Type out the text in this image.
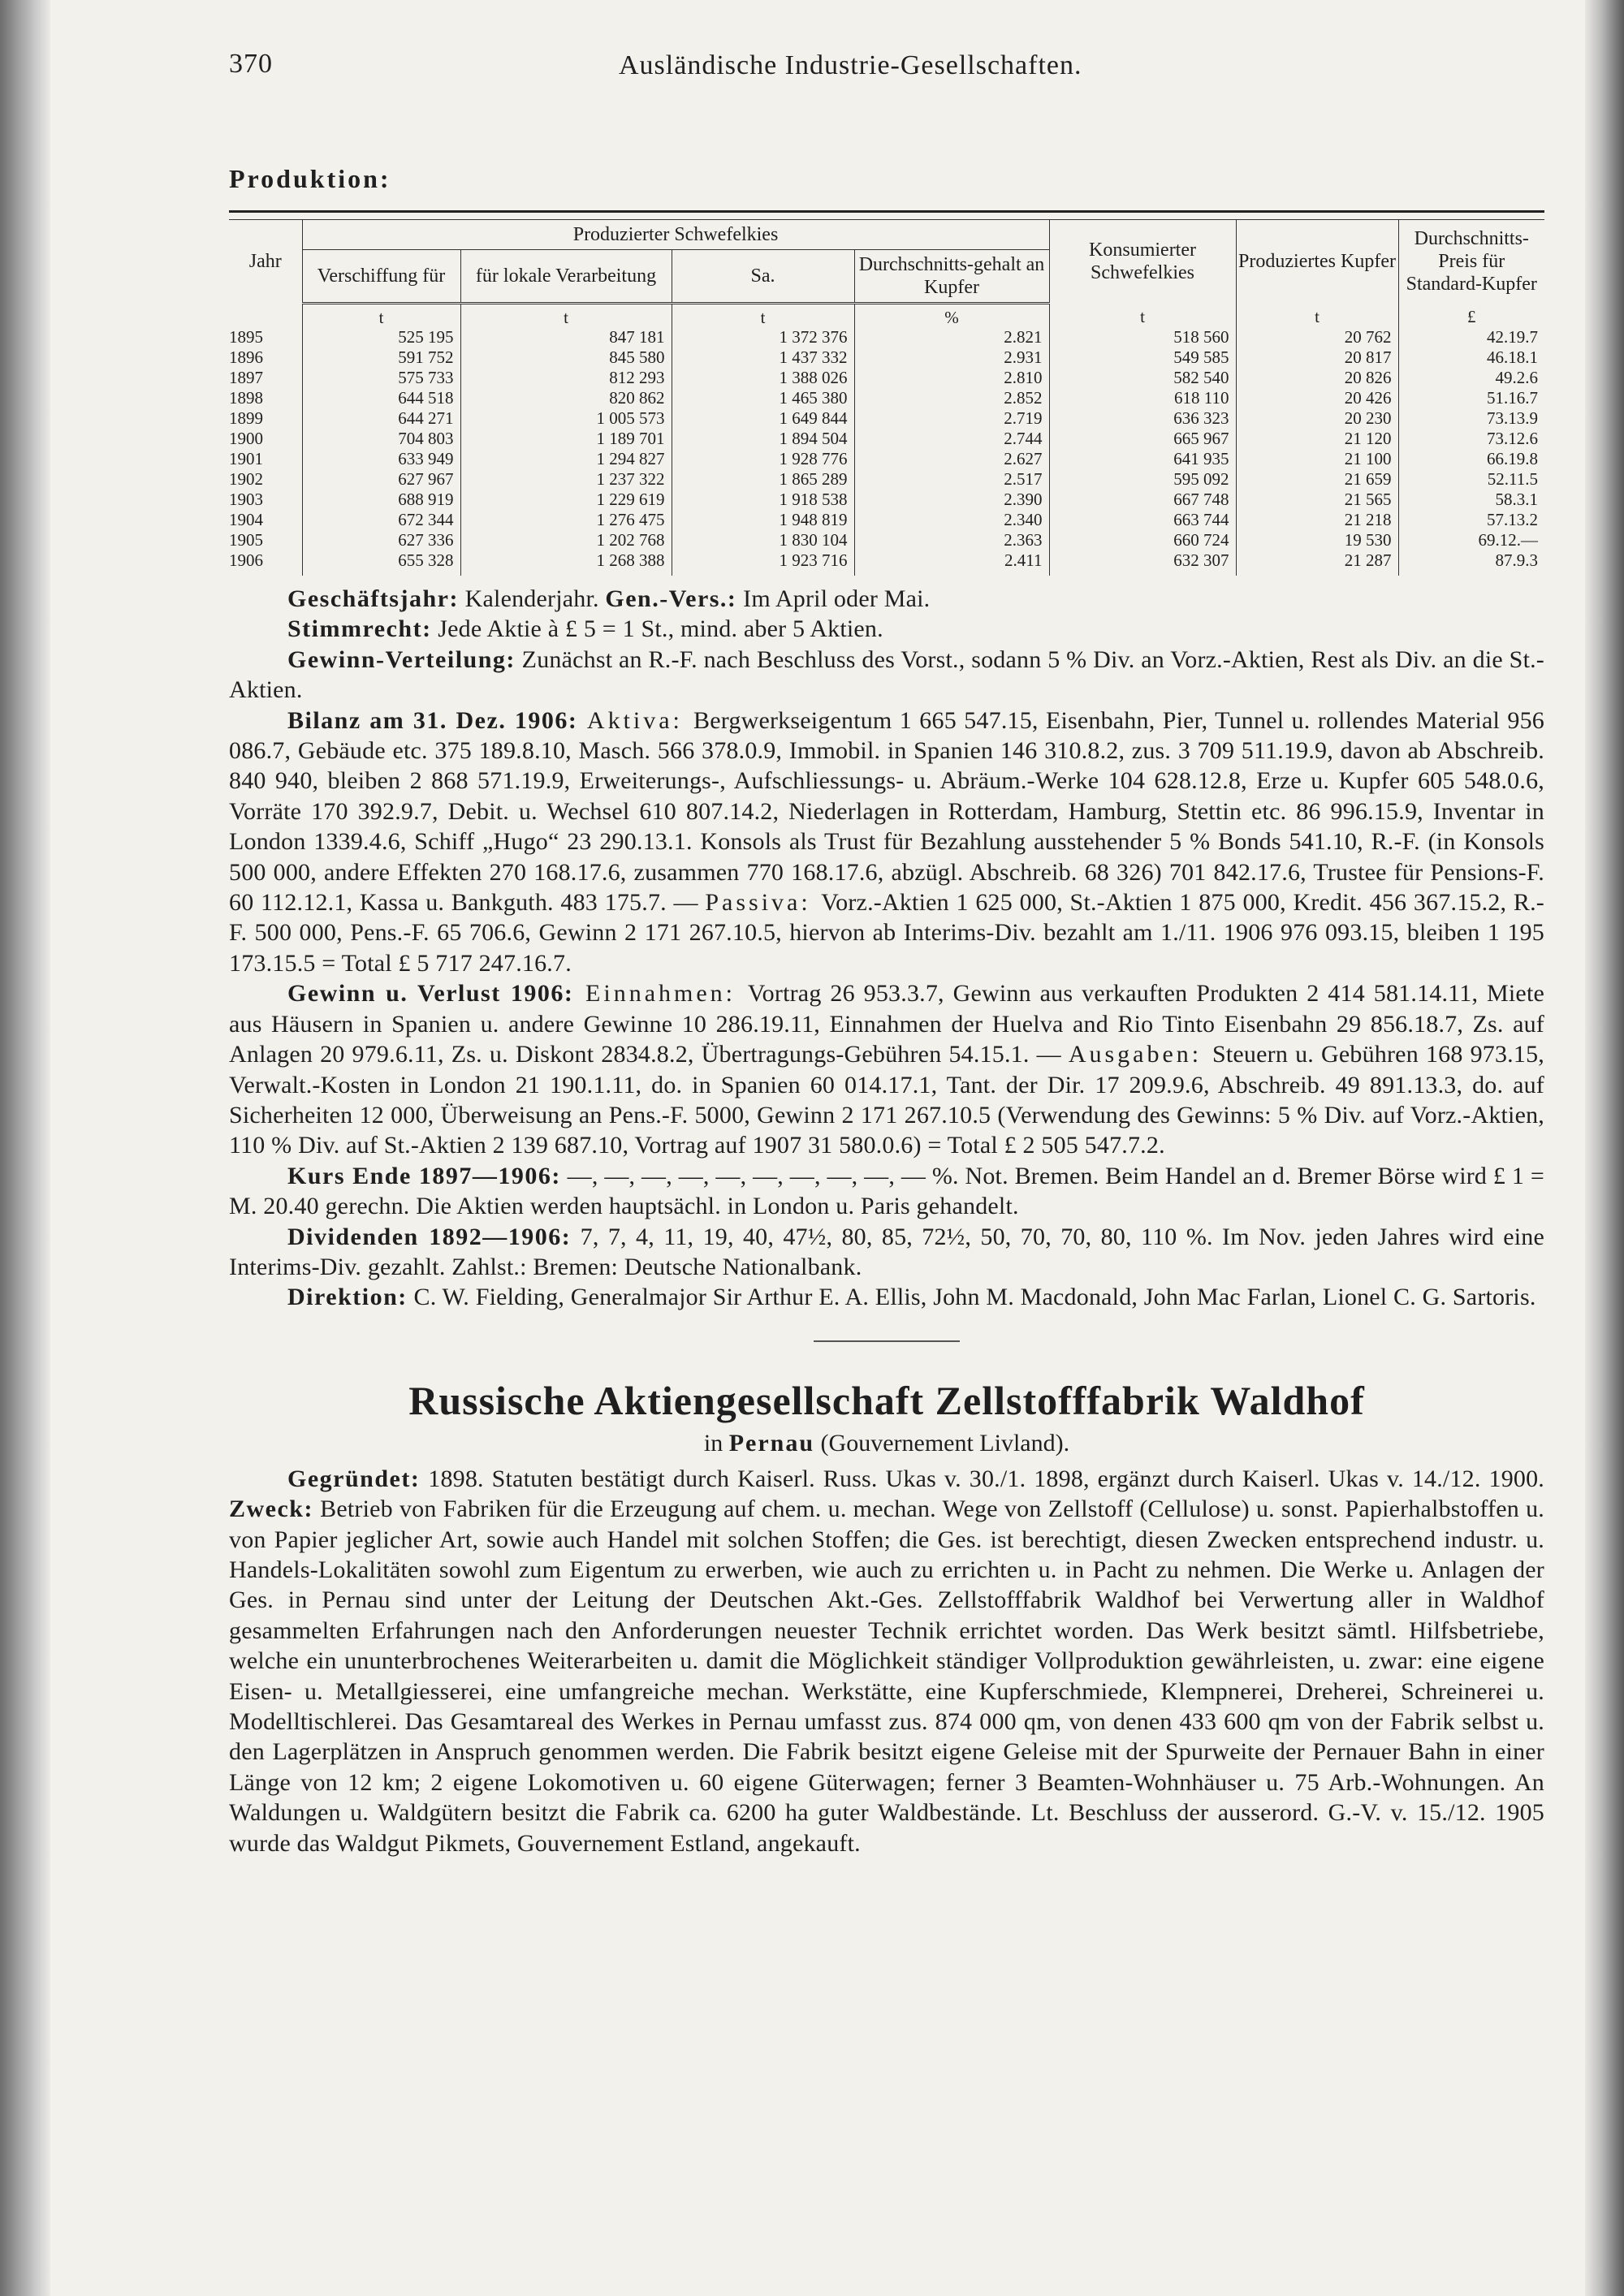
370	Ausländische Industrie-Gesellschaften.
Produktion:
Jahr	Produzierter Schwefelkies				Konsumierter Schwefelkies	Produziertes Kupfer	Durchschnitts-Preis für Standard-Kupfer
	Verschiffung für	für lokale Verarbeitung	Sa.	Durchschnitts-gehalt an Kupfer			
	t	t	t	%	t	t	£
1895	525 195	847 181	1 372 376	2.821	518 560	20 762	42.19.7
1896	591 752	845 580	1 437 332	2.931	549 585	20 817	46.18.1
1897	575 733	812 293	1 388 026	2.810	582 540	20 826	49.2.6
1898	644 518	820 862	1 465 380	2.852	618 110	20 426	51.16.7
1899	644 271	1 005 573	1 649 844	2.719	636 323	20 230	73.13.9
1900	704 803	1 189 701	1 894 504	2.744	665 967	21 120	73.12.6
1901	633 949	1 294 827	1 928 776	2.627	641 935	21 100	66.19.8
1902	627 967	1 237 322	1 865 289	2.517	595 092	21 659	52.11.5
1903	688 919	1 229 619	1 918 538	2.390	667 748	21 565	58.3.1
1904	672 344	1 276 475	1 948 819	2.340	663 744	21 218	57.13.2
1905	627 336	1 202 768	1 830 104	2.363	660 724	19 530	69.12.—
1906	655 328	1 268 388	1 923 716	2.411	632 307	21 287	87.9.3

Geschäftsjahr: Kalenderjahr. Gen.-Vers.: Im April oder Mai.

Stimmrecht: Jede Aktie à £ 5 = 1 St., mind. aber 5 Aktien.

Gewinn-Verteilung: Zunächst an R.-F. nach Beschluss des Vorst., sodann 5 % Div. an Vorz.-Aktien, Rest als Div. an die St.-Aktien.

Bilanz am 31. Dez. 1906: Aktiva: Bergwerkseigentum 1 665 547.15, Eisenbahn, Pier, Tunnel u. rollendes Material 956 086.7, Gebäude etc. 375 189.8.10, Masch. 566 378.0.9, Immobil. in Spanien 146 310.8.2, zus. 3 709 511.19.9, davon ab Abschreib. 840 940, bleiben 2 868 571.19.9, Erweiterungs-, Aufschliessungs- u. Abräum.-Werke 104 628.12.8, Erze u. Kupfer 605 548.0.6, Vorräte 170 392.9.7, Debit. u. Wechsel 610 807.14.2, Niederlagen in Rotterdam, Hamburg, Stettin etc. 86 996.15.9, Inventar in London 1339.4.6, Schiff „Hugo“ 23 290.13.1. Konsols als Trust für Bezahlung ausstehender 5 % Bonds 541.10, R.-F. (in Konsols 500 000, andere Effekten 270 168.17.6, zusammen 770 168.17.6, abzügl. Abschreib. 68 326) 701 842.17.6, Trustee für Pensions-F. 60 112.12.1, Kassa u. Bankguth. 483 175.7. — Passiva: Vorz.-Aktien 1 625 000, St.-Aktien 1 875 000, Kredit. 456 367.15.2, R.-F. 500 000, Pens.-F. 65 706.6, Gewinn 2 171 267.10.5, hiervon ab Interims-Div. bezahlt am 1./11. 1906 976 093.15, bleiben 1 195 173.15.5 = Total £ 5 717 247.16.7.

Gewinn u. Verlust 1906: Einnahmen: Vortrag 26 953.3.7, Gewinn aus verkauften Produkten 2 414 581.14.11, Miete aus Häusern in Spanien u. andere Gewinne 10 286.19.11, Einnahmen der Huelva and Rio Tinto Eisenbahn 29 856.18.7, Zs. auf Anlagen 20 979.6.11, Zs. u. Diskont 2834.8.2, Übertragungs-Gebühren 54.15.1. — Ausgaben: Steuern u. Gebühren 168 973.15, Verwalt.-Kosten in London 21 190.1.11, do. in Spanien 60 014.17.1, Tant. der Dir. 17 209.9.6, Abschreib. 49 891.13.3, do. auf Sicherheiten 12 000, Überweisung an Pens.-F. 5000, Gewinn 2 171 267.10.5 (Verwendung des Gewinns: 5 % Div. auf Vorz.-Aktien, 110 % Div. auf St.-Aktien 2 139 687.10, Vortrag auf 1907 31 580.0.6) = Total £ 2 505 547.7.2.

Kurs Ende 1897—1906: —, —, —, —, —, —, —, —, —, — %. Not. Bremen. Beim Handel an d. Bremer Börse wird £ 1 = M. 20.40 gerechn. Die Aktien werden hauptsächl. in London u. Paris gehandelt.

Dividenden 1892—1906: 7, 7, 4, 11, 19, 40, 47½, 80, 85, 72½, 50, 70, 70, 80, 110 %. Im Nov. jeden Jahres wird eine Interims-Div. gezahlt. Zahlst.: Bremen: Deutsche Nationalbank.

Direktion: C. W. Fielding, Generalmajor Sir Arthur E. A. Ellis, John M. Macdonald, John Mac Farlan, Lionel C. G. Sartoris.

Russische Aktiengesellschaft Zellstofffabrik Waldhof
in Pernau (Gouvernement Livland).

Gegründet: 1898. Statuten bestätigt durch Kaiserl. Russ. Ukas v. 30./1. 1898, ergänzt durch Kaiserl. Ukas v. 14./12. 1900. Zweck: Betrieb von Fabriken für die Erzeugung auf chem. u. mechan. Wege von Zellstoff (Cellulose) u. sonst. Papierhalbstoffen u. von Papier jeglicher Art, sowie auch Handel mit solchen Stoffen; die Ges. ist berechtigt, diesen Zwecken entsprechend industr. u. Handels-Lokalitäten sowohl zum Eigentum zu erwerben, wie auch zu errichten u. in Pacht zu nehmen. Die Werke u. Anlagen der Ges. in Pernau sind unter der Leitung der Deutschen Akt.-Ges. Zellstofffabrik Waldhof bei Verwertung aller in Waldhof gesammelten Erfahrungen nach den Anforderungen neuester Technik errichtet worden. Das Werk besitzt sämtl. Hilfsbetriebe, welche ein ununterbrochenes Weiterarbeiten u. damit die Möglichkeit ständiger Vollproduktion gewährleisten, u. zwar: eine eigene Eisen- u. Metallgiesserei, eine umfangreiche mechan. Werkstätte, eine Kupferschmiede, Klempnerei, Dreherei, Schreinerei u. Modelltischlerei. Das Gesamtareal des Werkes in Pernau umfasst zus. 874 000 qm, von denen 433 600 qm von der Fabrik selbst u. den Lagerplätzen in Anspruch genommen werden. Die Fabrik besitzt eigene Geleise mit der Spurweite der Pernauer Bahn in einer Länge von 12 km; 2 eigene Lokomotiven u. 60 eigene Güterwagen; ferner 3 Beamten-Wohnhäuser u. 75 Arb.-Wohnungen. An Waldungen u. Waldgütern besitzt die Fabrik ca. 6200 ha guter Waldbestände. Lt. Beschluss der ausserord. G.-V. v. 15./12. 1905 wurde das Waldgut Pikmets, Gouvernement Estland, angekauft.
